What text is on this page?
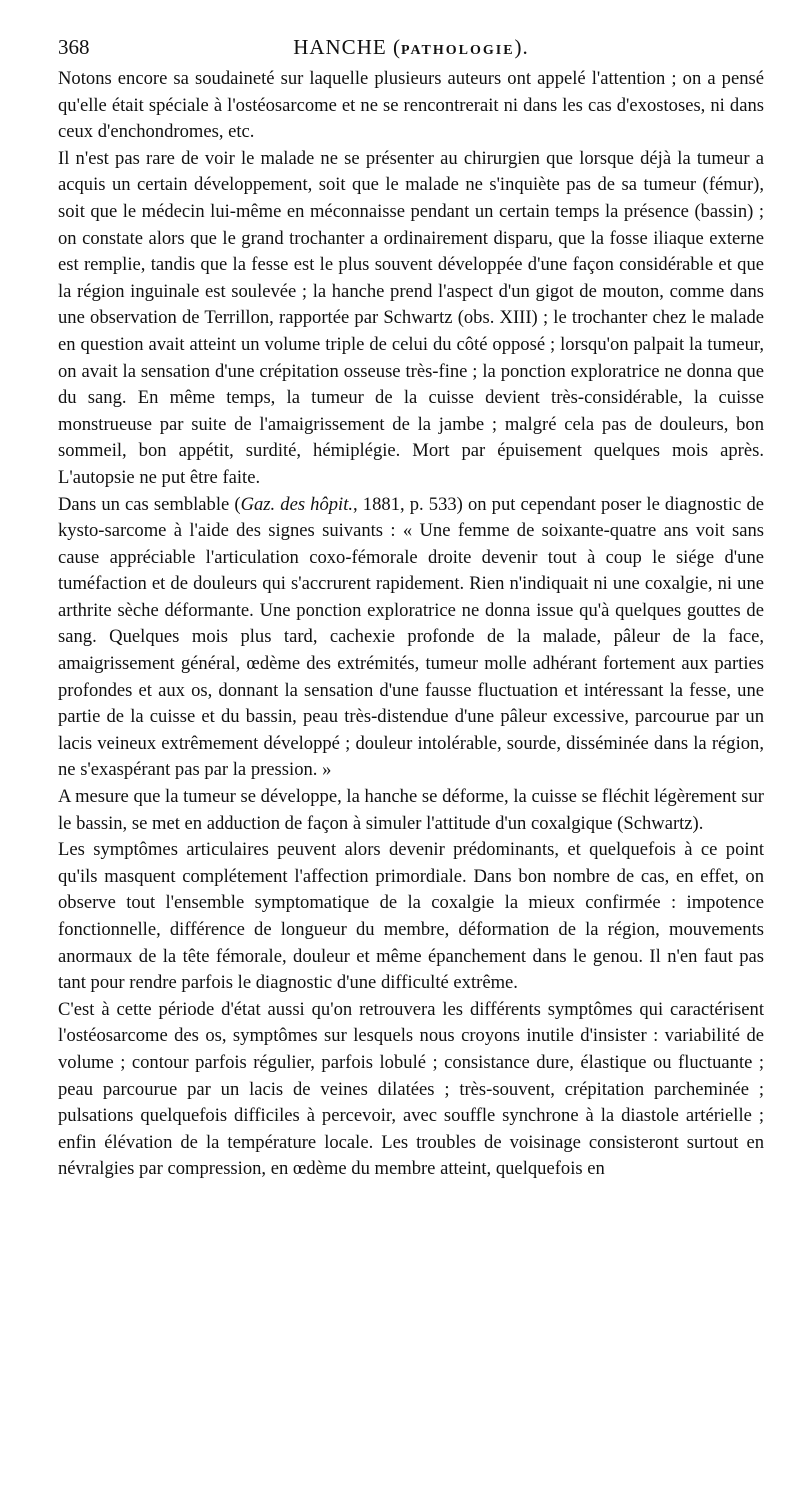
368	HANCHE (PATHOLOGIE).

Notons encore sa soudaineté sur laquelle plusieurs auteurs ont appelé l'attention ; on a pensé qu'elle était spéciale à l'ostéosarcome et ne se rencontrerait ni dans les cas d'exostoses, ni dans ceux d'enchondromes, etc.

Il n'est pas rare de voir le malade ne se présenter au chirurgien que lorsque déjà la tumeur a acquis un certain développement, soit que le malade ne s'inquiète pas de sa tumeur (fémur), soit que le médecin lui-même en méconnaisse pendant un certain temps la présence (bassin) ; on constate alors que le grand trochanter a ordinairement disparu, que la fosse iliaque externe est remplie, tandis que la fesse est le plus souvent développée d'une façon considérable et que la région inguinale est soulevée ; la hanche prend l'aspect d'un gigot de mouton, comme dans une observation de Terrillon, rapportée par Schwartz (obs. XIII) ; le trochanter chez le malade en question avait atteint un volume triple de celui du côté opposé ; lorsqu'on palpait la tumeur, on avait la sensation d'une crépitation osseuse très-fine ; la ponction exploratrice ne donna que du sang. En même temps, la tumeur de la cuisse devient très-considérable, la cuisse monstrueuse par suite de l'amaigrissement de la jambe ; malgré cela pas de douleurs, bon sommeil, bon appétit, surdité, hémiplégie. Mort par épuisement quelques mois après. L'autopsie ne put être faite.

Dans un cas semblable (Gaz. des hôpit., 1881, p. 533) on put cependant poser le diagnostic de kysto-sarcome à l'aide des signes suivants : « Une femme de soixante-quatre ans voit sans cause appréciable l'articulation coxo-fémorale droite devenir tout à coup le siége d'une tuméfaction et de douleurs qui s'accrurent rapidement. Rien n'indiquait ni une coxalgie, ni une arthrite sèche déformante. Une ponction exploratrice ne donna issue qu'à quelques gouttes de sang. Quelques mois plus tard, cachexie profonde de la malade, pâleur de la face, amaigrissement général, œdème des extrémités, tumeur molle adhérant fortement aux parties profondes et aux os, donnant la sensation d'une fausse fluctuation et intéressant la fesse, une partie de la cuisse et du bassin, peau très-distendue d'une pâleur excessive, parcourue par un lacis veineux extrêmement développé ; douleur intolérable, sourde, disséminée dans la région, ne s'exaspérant pas par la pression. »

A mesure que la tumeur se développe, la hanche se déforme, la cuisse se fléchit légèrement sur le bassin, se met en adduction de façon à simuler l'attitude d'un coxalgique (Schwartz).

Les symptômes articulaires peuvent alors devenir prédominants, et quelquefois à ce point qu'ils masquent complétement l'affection primordiale. Dans bon nombre de cas, en effet, on observe tout l'ensemble symptomatique de la coxalgie la mieux confirmée : impotence fonctionnelle, différence de longueur du membre, déformation de la région, mouvements anormaux de la tête fémorale, douleur et même épanchement dans le genou. Il n'en faut pas tant pour rendre parfois le diagnostic d'une difficulté extrême.

C'est à cette période d'état aussi qu'on retrouvera les différents symptômes qui caractérisent l'ostéosarcome des os, symptômes sur lesquels nous croyons inutile d'insister : variabilité de volume ; contour parfois régulier, parfois lobulé ; consistance dure, élastique ou fluctuante ; peau parcourue par un lacis de veines dilatées ; très-souvent, crépitation parcheminée ; pulsations quelquefois difficiles à percevoir, avec souffle synchrone à la diastole artérielle ; enfin élévation de la température locale. Les troubles de voisinage consisteront surtout en névralgies par compression, en œdème du membre atteint, quelquefois en
